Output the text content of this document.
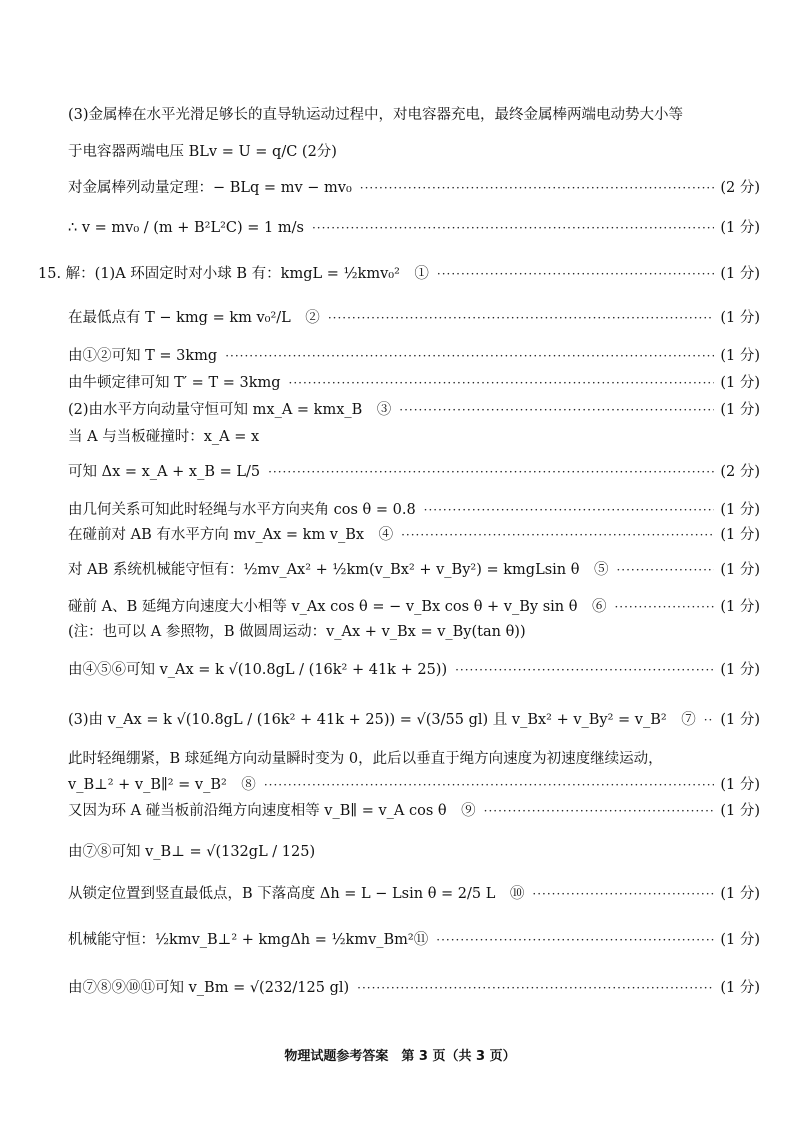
(3)金属棒在水平光滑足够长的直导轨运动过程中，对电容器充电，最终金属棒两端电动势大小等
于电容器两端电压 BLv = U = q/C (2分)
对金属棒列动量定理：− BLq = mv − mv₀ ·····	(2 分)
∴ v = mv₀ / (m + B²L²C) = 1 m/s ·····	(1 分)
15. 解：(1)A 环固定时对小球 B 有：kmgL = ½kmv₀²　① ·····	(1 分)
在最低点有 T − kmg = km v₀²/L　② ·····	(1 分)
由①②可知 T = 3kmg ·····	(1 分)
由牛顿定律可知 T′ = T = 3kmg ·····	(1 分)
(2)由水平方向动量守恒可知 mx_A = kmx_B　③ ·····	(1 分)
当 A 与当板碰撞时：x_A = x
可知 Δx = x_A + x_B = L/5 ·····	(2 分)
由几何关系可知此时轻绳与水平方向夹角 cos θ = 0.8 ·····	(1 分)
在碰前对 AB 有水平方向 mv_Ax = km v_Bx　④ ·····	(1 分)
对 AB 系统机械能守恒有：½mv_Ax² + ½km(v_Bx² + v_By²) = kmgLsin θ　⑤ ·····	(1 分)
碰前 A、B 延绳方向速度大小相等 v_Ax cos θ = − v_Bx cos θ + v_By sin θ　⑥ ·····	(1 分)
(注：也可以 A 参照物，B 做圆周运动：v_Ax + v_Bx = v_By(tan θ))
由④⑤⑥可知 v_Ax = k √(10.8gL / (16k² + 41k + 25)) ·····	(1 分)
(3)由 v_Ax = k √(10.8gL / (16k² + 41k + 25)) = √(3/55 gl) 且 v_Bx² + v_By² = v_B²　⑦ ····· (1 分)
此时轻绳绷紧，B 球延绳方向动量瞬时变为 0，此后以垂直于绳方向速度为初速度继续运动，
v_B⊥² + v_B∥² = v_B²　⑧ ·····	(1 分)
又因为环 A 碰当板前沿绳方向速度相等 v_B∥ = v_A cos θ　⑨ ·····	(1 分)
由⑦⑧可知 v_B⊥ = √(132gL / 125)
从锁定位置到竖直最低点，B 下落高度 Δh = L − Lsin θ = 2/5 L　⑩ ·····	(1 分)
机械能守恒：½kmv_B⊥² + kmgΔh = ½kmv_Bm²⑪ ·····	(1 分)
由⑦⑧⑨⑩⑪可知 v_Bm = √(232/125 gl) ·····	(1 分)
物理试题参考答案　第 3 页（共 3 页）
